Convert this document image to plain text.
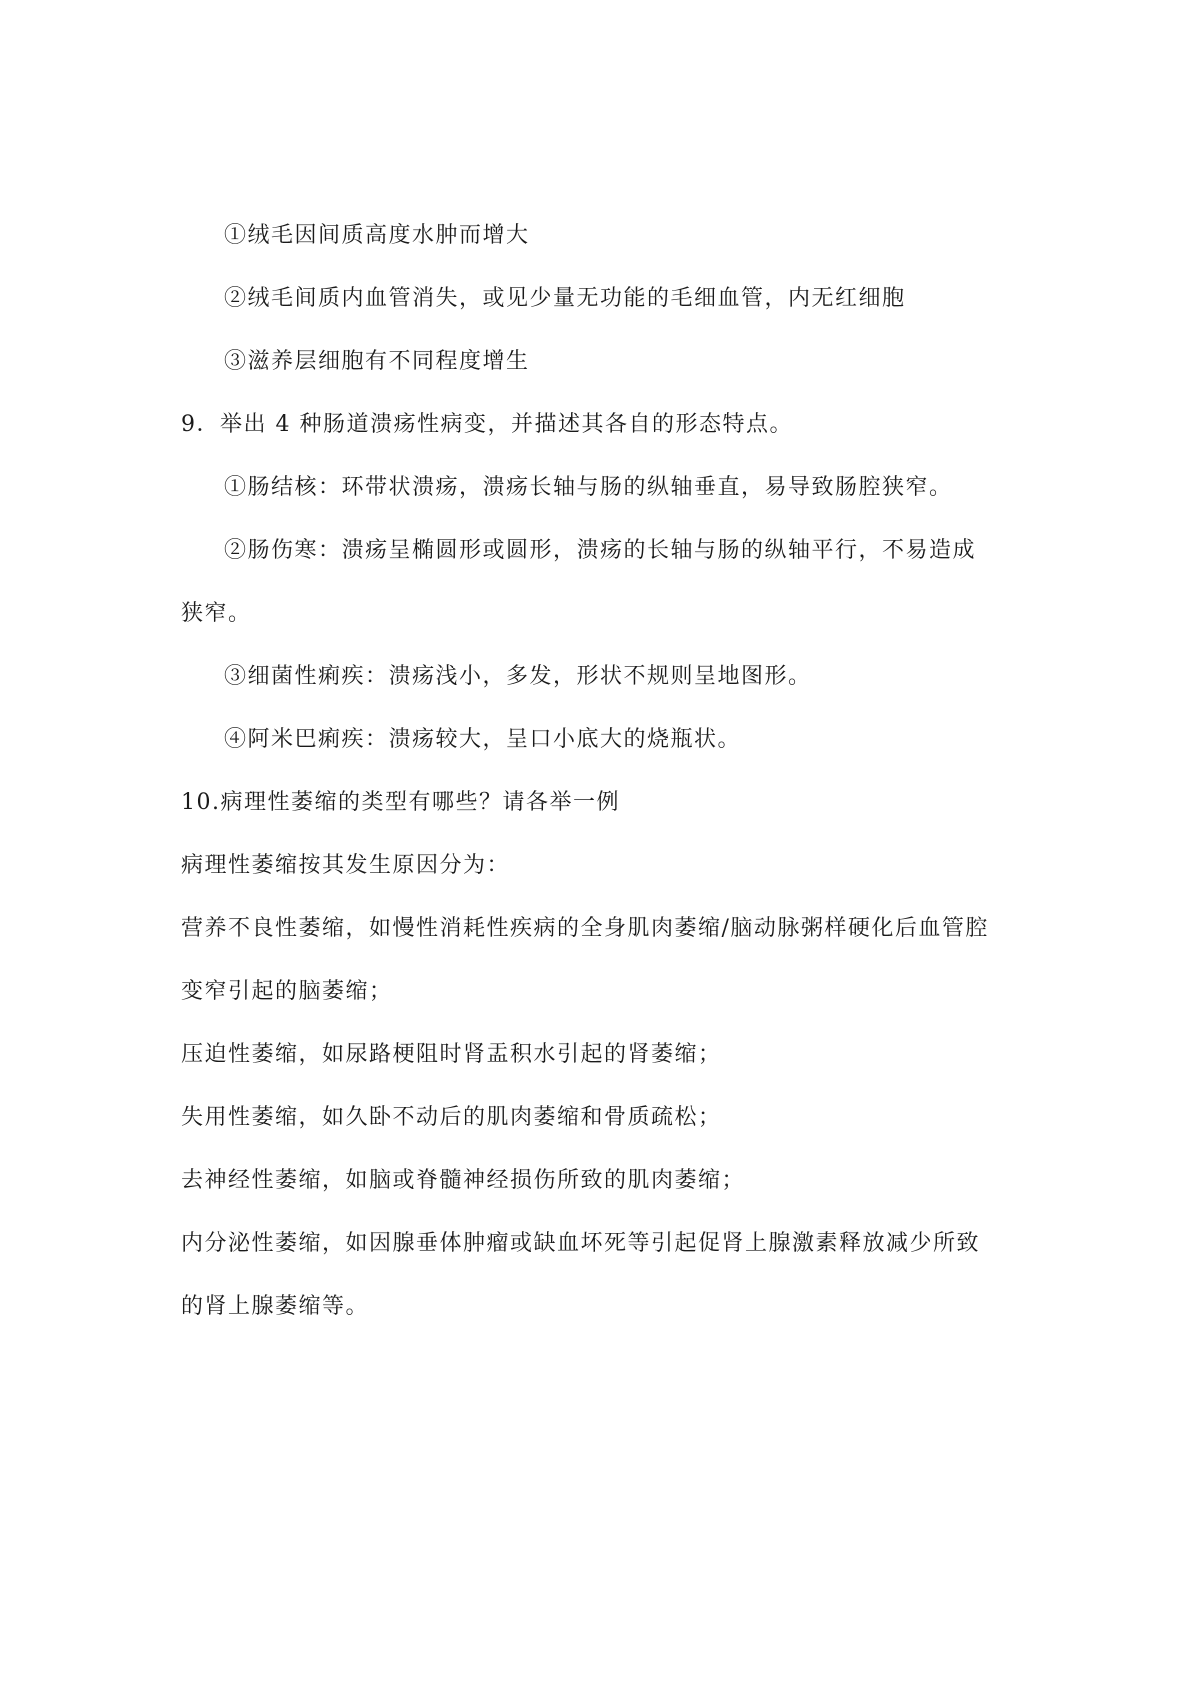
①绒毛因间质高度水肿而增大
②绒毛间质内血管消失，或见少量无功能的毛细血管，内无红细胞
③滋养层细胞有不同程度增生
9．举出 4 种肠道溃疡性病变，并描述其各自的形态特点。
①肠结核：环带状溃疡，溃疡长轴与肠的纵轴垂直，易导致肠腔狭窄。
②肠伤寒：溃疡呈椭圆形或圆形，溃疡的长轴与肠的纵轴平行，不易造成
狭窄。
③细菌性痢疾：溃疡浅小，多发，形状不规则呈地图形。
④阿米巴痢疾：溃疡较大，呈口小底大的烧瓶状。
10.病理性萎缩的类型有哪些？请各举一例
病理性萎缩按其发生原因分为：
营养不良性萎缩，如慢性消耗性疾病的全身肌肉萎缩/脑动脉粥样硬化后血管腔
变窄引起的脑萎缩；
压迫性萎缩，如尿路梗阻时肾盂积水引起的肾萎缩；
失用性萎缩，如久卧不动后的肌肉萎缩和骨质疏松；
去神经性萎缩，如脑或脊髓神经损伤所致的肌肉萎缩；
内分泌性萎缩，如因腺垂体肿瘤或缺血坏死等引起促肾上腺激素释放减少所致
的肾上腺萎缩等。
